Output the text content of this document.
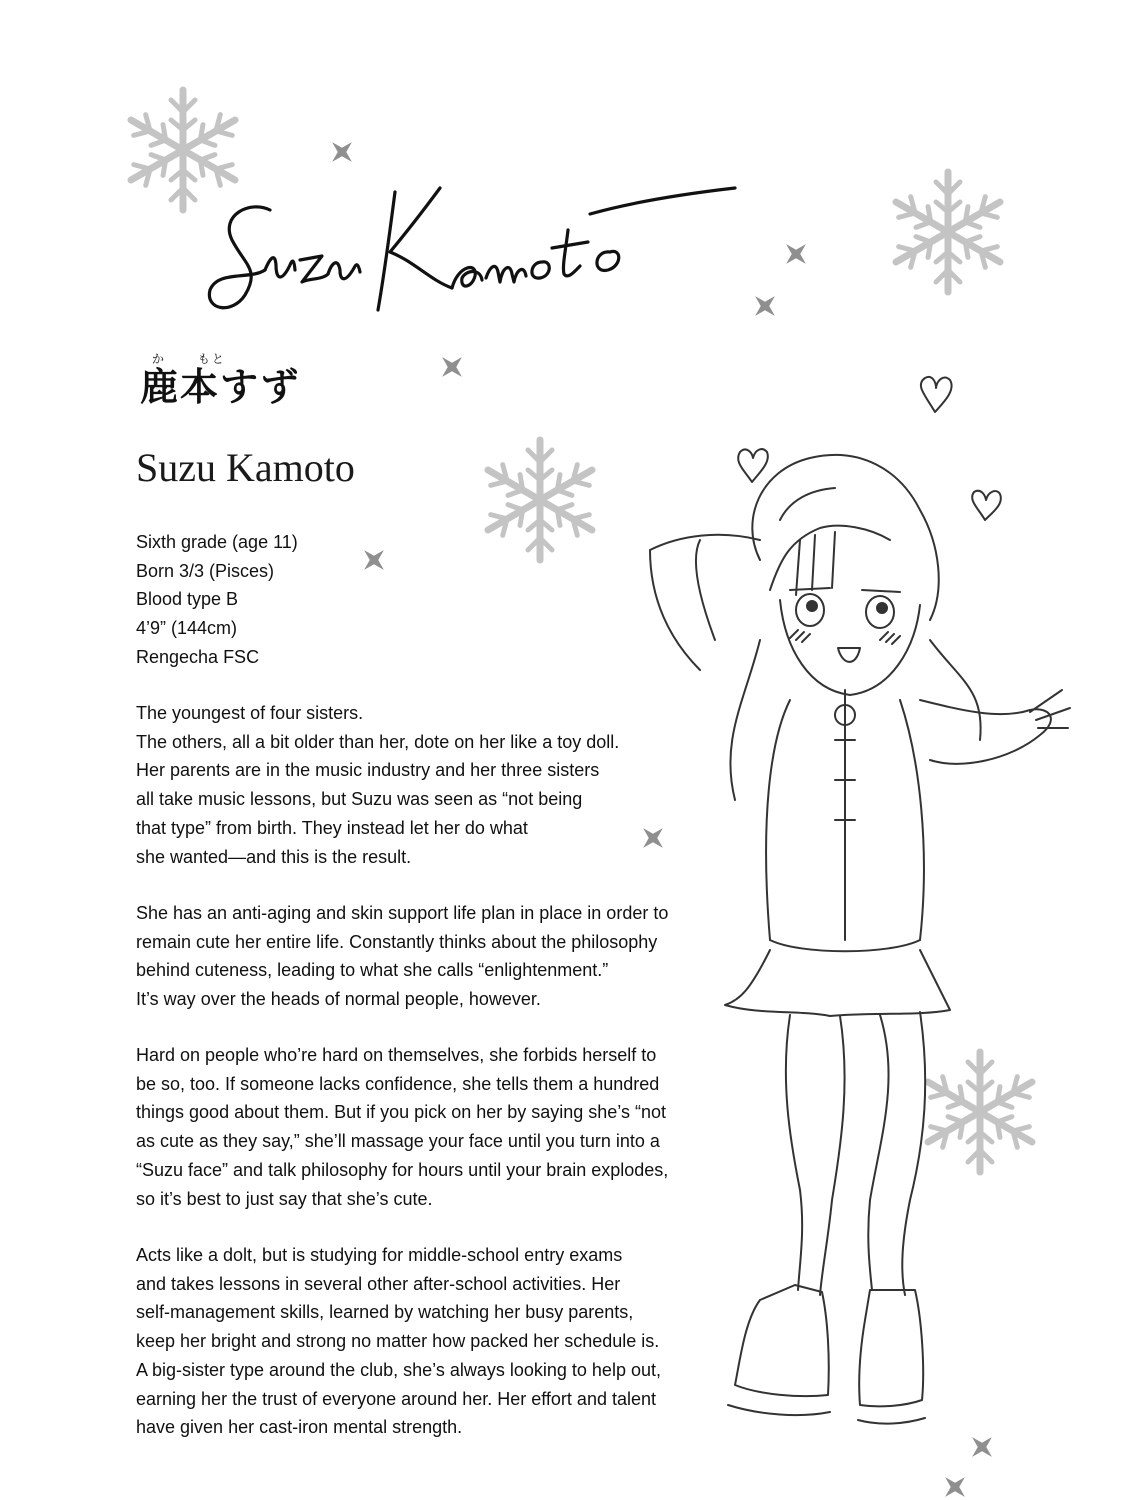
か	もと
鹿本すず
Suzu Kamoto
Sixth grade (age 11)
Born 3/3 (Pisces)
Blood type B
4’9” (144cm)
Rengecha FSC
The youngest of four sisters.
The others, all a bit older than her, dote on her like a toy doll.
Her parents are in the music industry and her three sisters
all take music lessons, but Suzu was seen as “not being
that type” from birth. They instead let her do what
she wanted—and this is the result.
She has an anti-aging and skin support life plan in place in order to
remain cute her entire life. Constantly thinks about the philosophy
behind cuteness, leading to what she calls “enlightenment.”
It’s way over the heads of normal people, however.
Hard on people who’re hard on themselves, she forbids herself to
be so, too. If someone lacks confidence, she tells them a hundred
things good about them. But if you pick on her by saying she’s “not
as cute as they say,” she’ll massage your face until you turn into a
“Suzu face” and talk philosophy for hours until your brain explodes,
so it’s best to just say that she’s cute.
Acts like a dolt, but is studying for middle-school entry exams
and takes lessons in several other after-school activities. Her
self-management skills, learned by watching her busy parents,
keep her bright and strong no matter how packed her schedule is.
A big-sister type around the club, she’s always looking to help out,
earning her the trust of everyone around her. Her effort and talent
have given her cast-iron mental strength.
